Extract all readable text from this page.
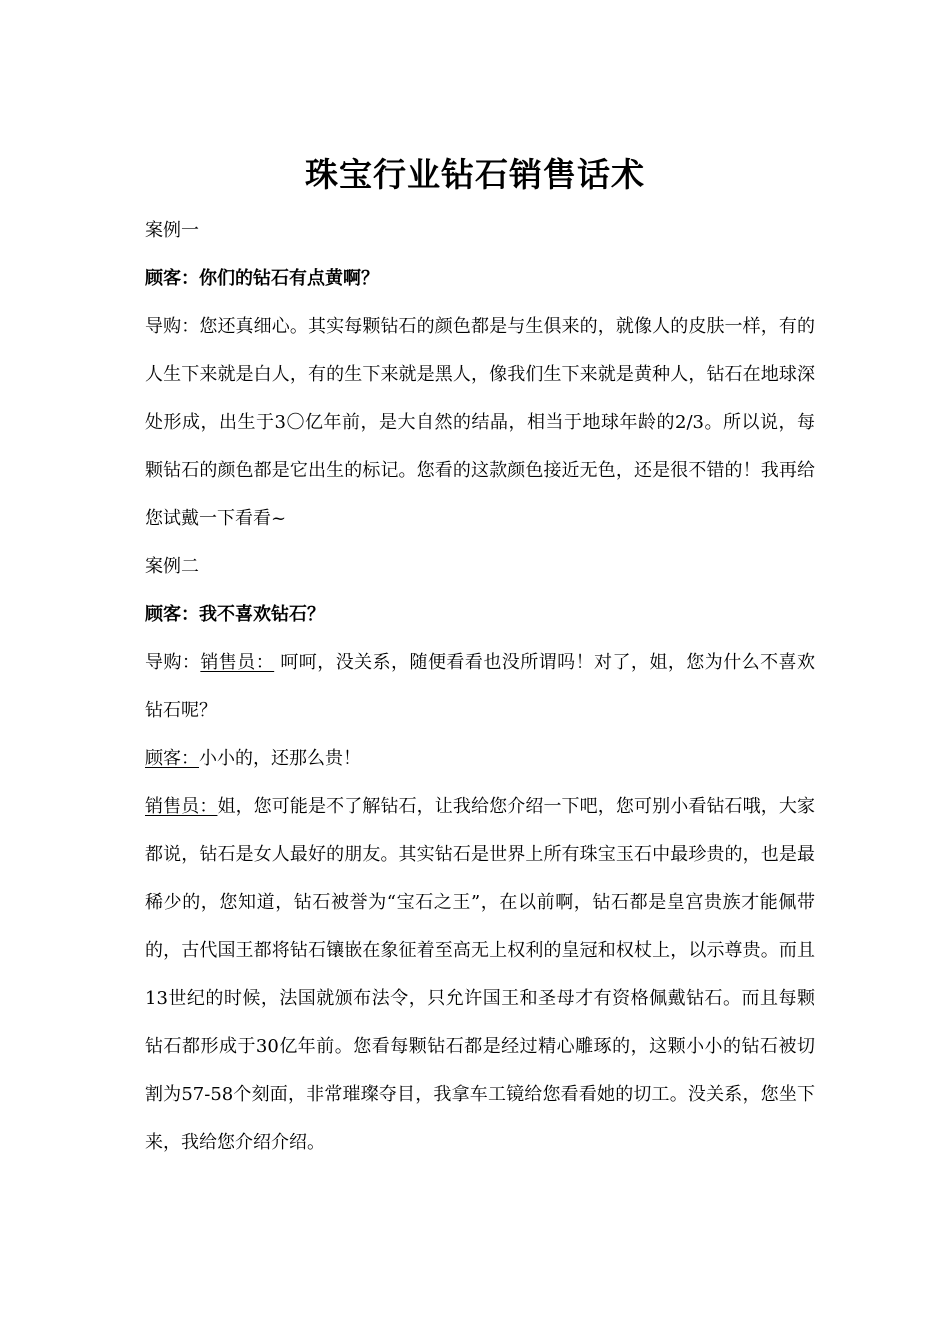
珠宝行业钻石销售话术

案例一

顾客：你们的钻石有点黄啊？

导购：您还真细心。其实每颗钻石的颜色都是与生俱来的，就像人的皮肤一样，有的人生下来就是白人，有的生下来就是黑人，像我们生下来就是黄种人，钻石在地球深处形成，出生于3〇亿年前，是大自然的结晶，相当于地球年龄的2/3。所以说，每颗钻石的颜色都是它出生的标记。您看的这款颜色接近无色，还是很不错的！我再给您试戴一下看看~

案例二

顾客：我不喜欢钻石？

导购：销售员： 呵呵，没关系，随便看看也没所谓吗！对了，姐，您为什么不喜欢钻石呢？

顾客：小小的，还那么贵！

销售员：姐，您可能是不了解钻石，让我给您介绍一下吧，您可别小看钻石哦，大家都说，钻石是女人最好的朋友。其实钻石是世界上所有珠宝玉石中最珍贵的，也是最稀少的，您知道，钻石被誉为“宝石之王”，在以前啊，钻石都是皇宫贵族才能佩带的，古代国王都将钻石镶嵌在象征着至高无上权利的皇冠和权杖上，以示尊贵。而且13世纪的时候，法国就颁布法令，只允许国王和圣母才有资格佩戴钻石。而且每颗钻石都形成于30亿年前。您看每颗钻石都是经过精心雕琢的，这颗小小的钻石被切割为57-58个刻面，非常璀璨夺目，我拿车工镜给您看看她的切工。没关系，您坐下来，我给您介绍介绍。
